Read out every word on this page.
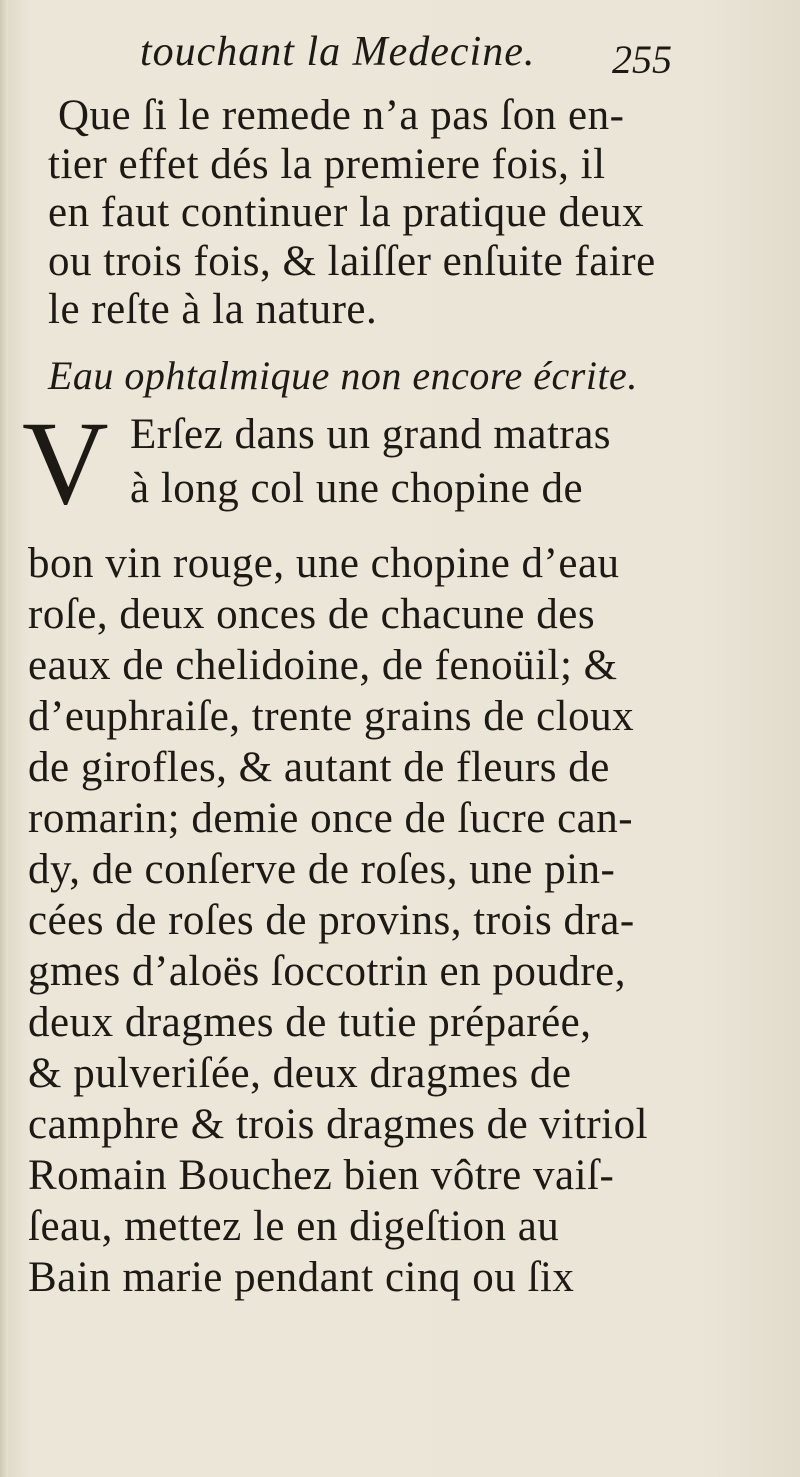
touchant la Medecine. 255
Que ſi le remede n’a pas ſon en-
tier effet dés la premiere fois, il
en faut continuer la pratique deux
ou trois fois, & laiſſer enſuite faire
le reſte à la nature.
Eau ophtalmique non encore écrite.
V Erſez dans un grand matras
à long col une chopine de
bon vin rouge, une chopine d’eau
roſe, deux onces de chacune des
eaux de chelidoine, de fenoüil; &
d’euphraiſe, trente grains de cloux
de girofles, & autant de fleurs de
romarin; demie once de ſucre can-
dy, de conſerve de roſes, une pin-
cées de roſes de provins, trois dra-
gmes d’aloës ſoccotrin en poudre,
deux dragmes de tutie préparée,
& pulveriſée, deux dragmes de
camphre & trois dragmes de vitriol
Romain Bouchez bien vôtre vaiſ-
ſeau, mettez le en digeſtion au
Bain marie pendant cinq ou ſix
